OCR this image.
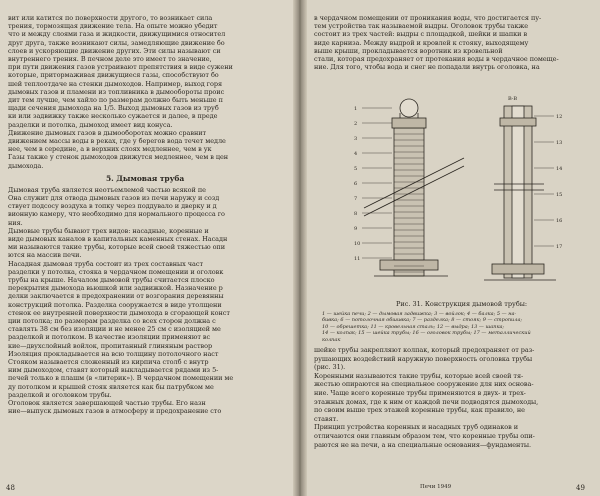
вит или катится по поверхности другого, то возникает сила
трения, тормозящая движение тела. На опыте можно убедит
что и между слоями газа и жидкости, движущимися относител
друг друга, также возникают силы, замедляющие движение бо
слоев и ускоряющие движение других. Эти силы называют си
внутреннего трения. В печном деле это имеет то значение,
при пути движения газов устраивают препятствия в виде сужени
которые, притормаживая движущиеся газы, способствуют бо
шей теплоотдаче на стенки дымоходов. Например, выход горя
дымовых газов и пламени из топливника в дымообороты проис
дит тем лучше, чем хайло по размерам должно быть меньше п
щади сечения дымохода на 1/5. Выход дымовых газов из труб
ки или задвижку также несколько сужается и далее, в преде
разделки и потолка, дымоход имеет вид конуса.
Движение дымовых газов в дымооборотах можно сравнит
движением массы воды в реках, где у берегов вода течет медле
нее, чем в середине, а в верхних слоях медленнее, чем в ук
Газы также у стенок дымоходов движутся медленнее, чем в цен
дымохода.
5. Дымовая труба
Дымовая труба является неотъемлемой частью всякой пе
Она служит для отвода дымовых газов из печи наружу и созд
ствует подсосу воздуха в топку через поддувало и дверку и д
вионную камеру, что необходимо для нормального процесса го
ния.
Дымовые трубы бывают трех видов: насадные, коренные и
виде дымовых каналов в капитальных каменных стенах. Насадн
ми называются такие трубы, которые всей своей тяжестью опи
ются на массив печи.
Насадная дымовая труба состоит из трех составных част
разделки у потолка, стояка в чердачном помещении и оголовк
трубы на крыше. Началом дымовой трубы считается плоско
перекрытия дымохода вьюшкой или задвижкой. Назначение р
делки заключается в предохранении от возгорания деревянны
конструкций потолка. Разделка сооружается в виде утолщени
стенок ее внутренней поверхности дымохода в сгорающей конст
ции потолка; по размерам разделка со всех сторон должна с
ставлять 38 см без изоляции и не менее 25 см с изоляцией ме
разделкой и потолком. В качестве изоляции применяют вс
кие—двухслойный войлок, пропитанный глиняным раствор
Изоляция прокладывается на всю толщину потолочного наст
Стояком называется сложенный из кирпича столб с внутр
ним дымоходом, ставят который выкладывается рядами из 5-
печей только в плашм (в «литерик»). В чердачном помещении ме
ду потолком и крышей стояк является как бы патрубком ме
разделкой и оголовком трубы.
Оголовок является завершающей частью трубы. Его назн
ние—выпуск дымовых газов в атмосферу и предохранение сто
48
В-В
1
2
3
4
5
6
7
8
9
10
11
12
13
14
15
16
17
в чердачном помещении от проникания воды, что достигается пу-
тем устройства так называемой выдры. Оголовок трубы также
состоит из трех частей: выдры с площадкой, шейки и шапки в
виде карниза. Между выдрой и кровлей к стояку, выходящему
выше крыши, прокладывается воротник из кровельной
стали, которая предохраняет от протекания воды в чердачное помеще-
ние. Для того, чтобы вода и снег не попадали внутрь оголовка, на
Рис. 31. Конструкция дымовой трубы:
1 — шейка печи; 2 — дымовая задвижка; 3 — войлок; 4 — балка; 5 — на-
бивка; 6 — потолочная обшивка; 7 — разделка; 8 — стояк; 9 — стропила;
10 — обрешетка; 11 — кровельная сталь; 12 — выдра; 13 — шапка;
14 — колпак; 15 — шейка трубы; 16 — оголовок трубы; 17 — металлический
колпак
шейке трубы закрепляют колпак, который предохраняет от раз-
рушающих воздействий наружную поверхность оголовка трубы
(рис. 31).
Коренными называются такие трубы, которые всей своей тя-
жестью опираются на специальное сооружение для них основа-
ние. Чаще всего коренные трубы применяются в двух- и трех-
этажных домах, где к ним от каждой печи подводятся дымоходы,
по своим выше трех этажей коренные трубы, как правило, не
ставят.
Принцип устройства коренных и насадных труб одинаков и
отличаются они главным образом тем, что коренные трубы опи-
раются не на печи, а на специальные основания—фундаменты.
Печи 1949	49
